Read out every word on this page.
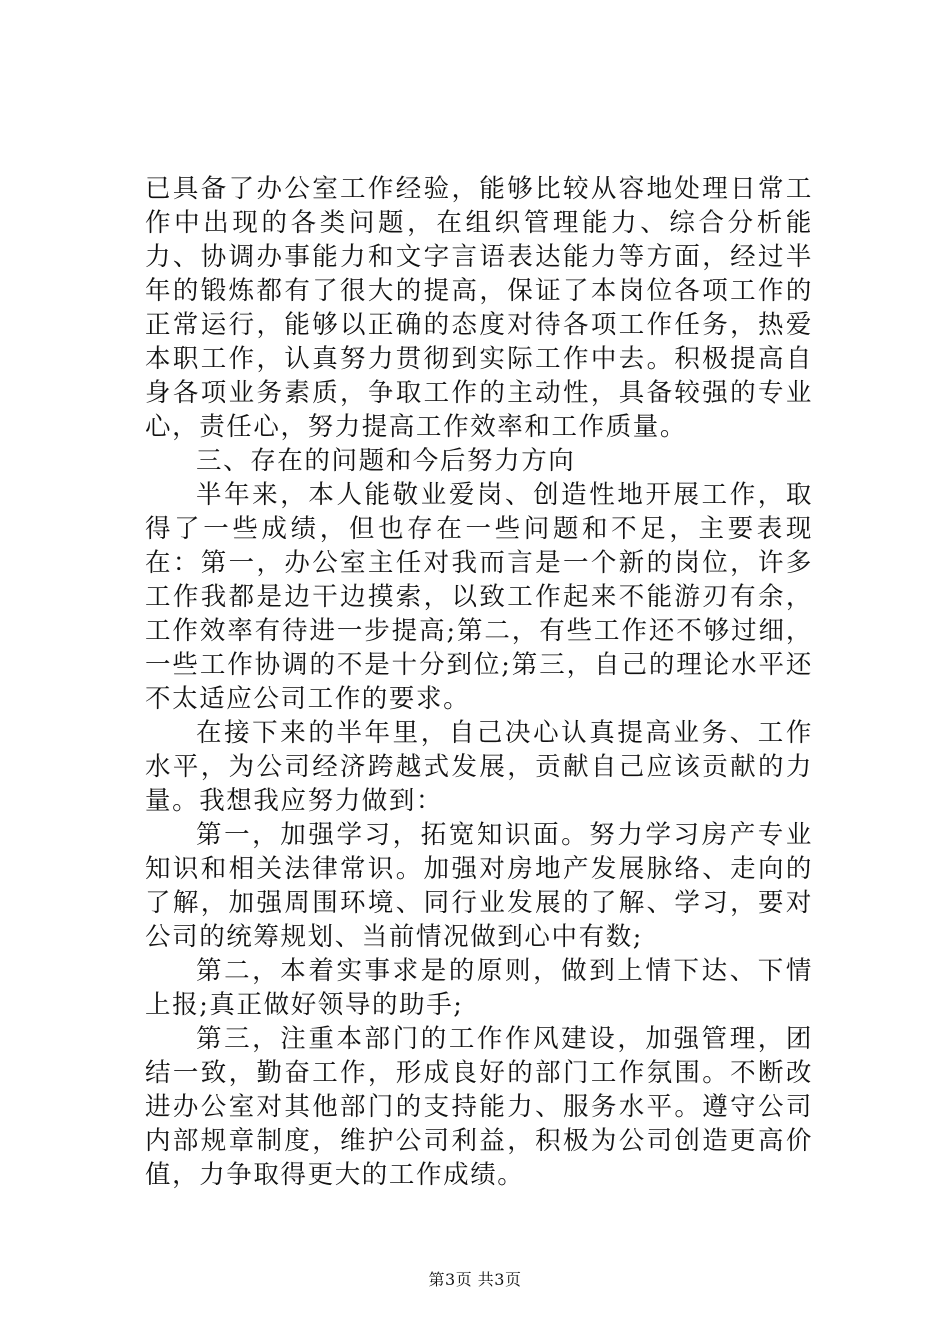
已具备了办公室工作经验，能够比较从容地处理日常工作中出现的各类问题，在组织管理能力、综合分析能力、协调办事能力和文字言语表达能力等方面，经过半年的锻炼都有了很大的提高，保证了本岗位各项工作的正常运行，能够以正确的态度对待各项工作任务，热爱本职工作，认真努力贯彻到实际工作中去。积极提高自身各项业务素质，争取工作的主动性，具备较强的专业心，责任心，努力提高工作效率和工作质量。

三、存在的问题和今后努力方向

半年来，本人能敬业爱岗、创造性地开展工作，取得了一些成绩，但也存在一些问题和不足，主要表现在：第一，办公室主任对我而言是一个新的岗位，许多工作我都是边干边摸索，以致工作起来不能游刃有余，工作效率有待进一步提高;第二，有些工作还不够过细，一些工作协调的不是十分到位;第三，自己的理论水平还不太适应公司工作的要求。

在接下来的半年里，自己决心认真提高业务、工作水平，为公司经济跨越式发展，贡献自己应该贡献的力量。我想我应努力做到：

第一，加强学习，拓宽知识面。努力学习房产专业知识和相关法律常识。加强对房地产发展脉络、走向的了解，加强周围环境、同行业发展的了解、学习，要对公司的统筹规划、当前情况做到心中有数;

第二，本着实事求是的原则，做到上情下达、下情上报;真正做好领导的助手;

第三，注重本部门的工作作风建设，加强管理，团结一致，勤奋工作，形成良好的部门工作氛围。不断改进办公室对其他部门的支持能力、服务水平。遵守公司内部规章制度，维护公司利益，积极为公司创造更高价值，力争取得更大的工作成绩。

第3页 共3页
